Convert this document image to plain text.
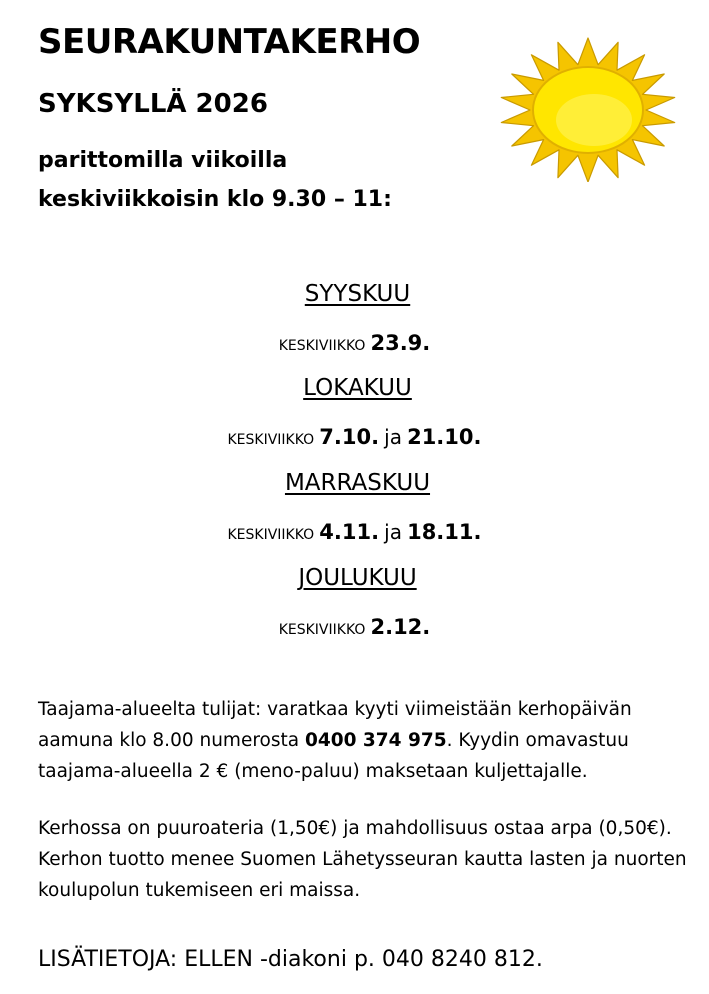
SEURAKUNTAKERHO
SYKSYLLÄ 2026

parittomilla viikoilla

keskiviikkoisin klo 9.30 – 11:

SYYSKUU
KESKIVIIKKO 23.9.
LOKAKUU
KESKIVIIKKO 7.10. ja 21.10.
MARRASKUU
KESKIVIIKKO 4.11. ja 18.11.
JOULUKUU
KESKIVIIKKO 2.12.

Taajama-alueelta tulijat: varatkaa kyyti viimeistään kerhopäivän aamuna klo 8.00 numerosta 0400 374 975. Kyydin omavastuu taajama-alueella 2 € (meno-paluu) maksetaan kuljettajalle.

Kerhossa on puuroateria (1,50€) ja mahdollisuus ostaa arpa (0,50€). Kerhon tuotto menee Suomen Lähetysseuran kautta lasten ja nuorten koulupolun tukemiseen eri maissa.

LISÄTIETOJA: ELLEN -diakoni p. 040 8240 812.
